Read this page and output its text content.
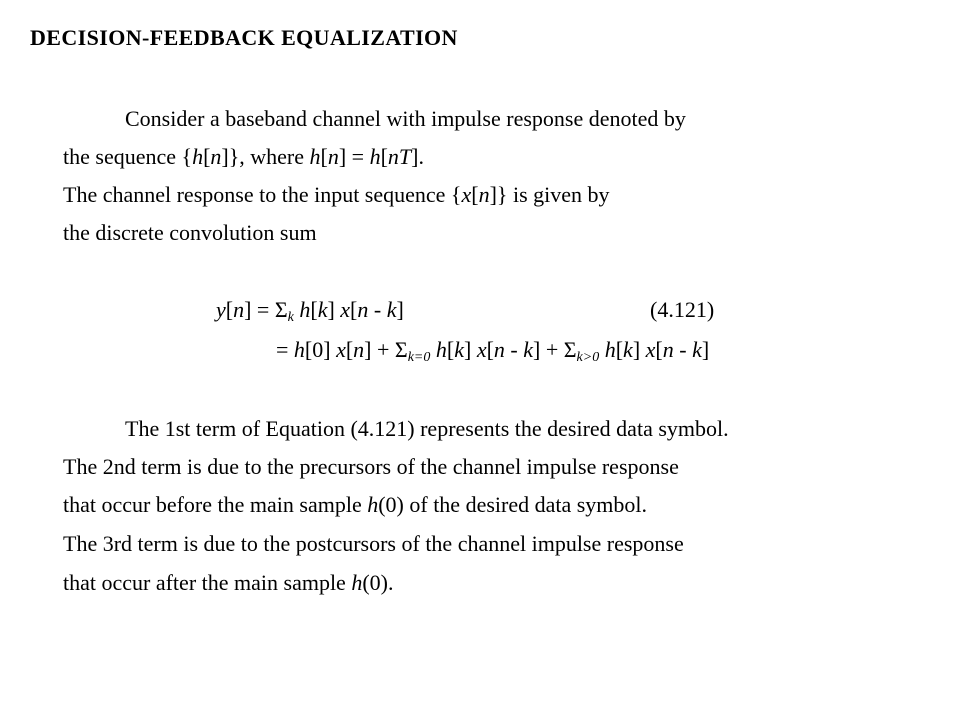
DECISION-FEEDBACK EQUALIZATION
Consider a baseband channel with impulse response denoted by
the sequence {h[n]}, where h[n] = h[nT].
The channel response to the input sequence {x[n]} is given by
the discrete convolution sum
$y[n] = \Sigma_k$ h[k] x[n - k]	(4.121)
= h[0] $x[n] + \Sigma_{k=0}$ h[k] $x[n - k] + \Sigma_{k>0}$ h[k] x[n - k]
The 1st term of Equation (4.121) represents the desired data symbol.
The 2nd term is due to the precursors of the channel impulse response
that occur before the main sample h(0) of the desired data symbol.
The 3rd term is due to the postcursors of the channel impulse response
that occur after the main sample h(0).
